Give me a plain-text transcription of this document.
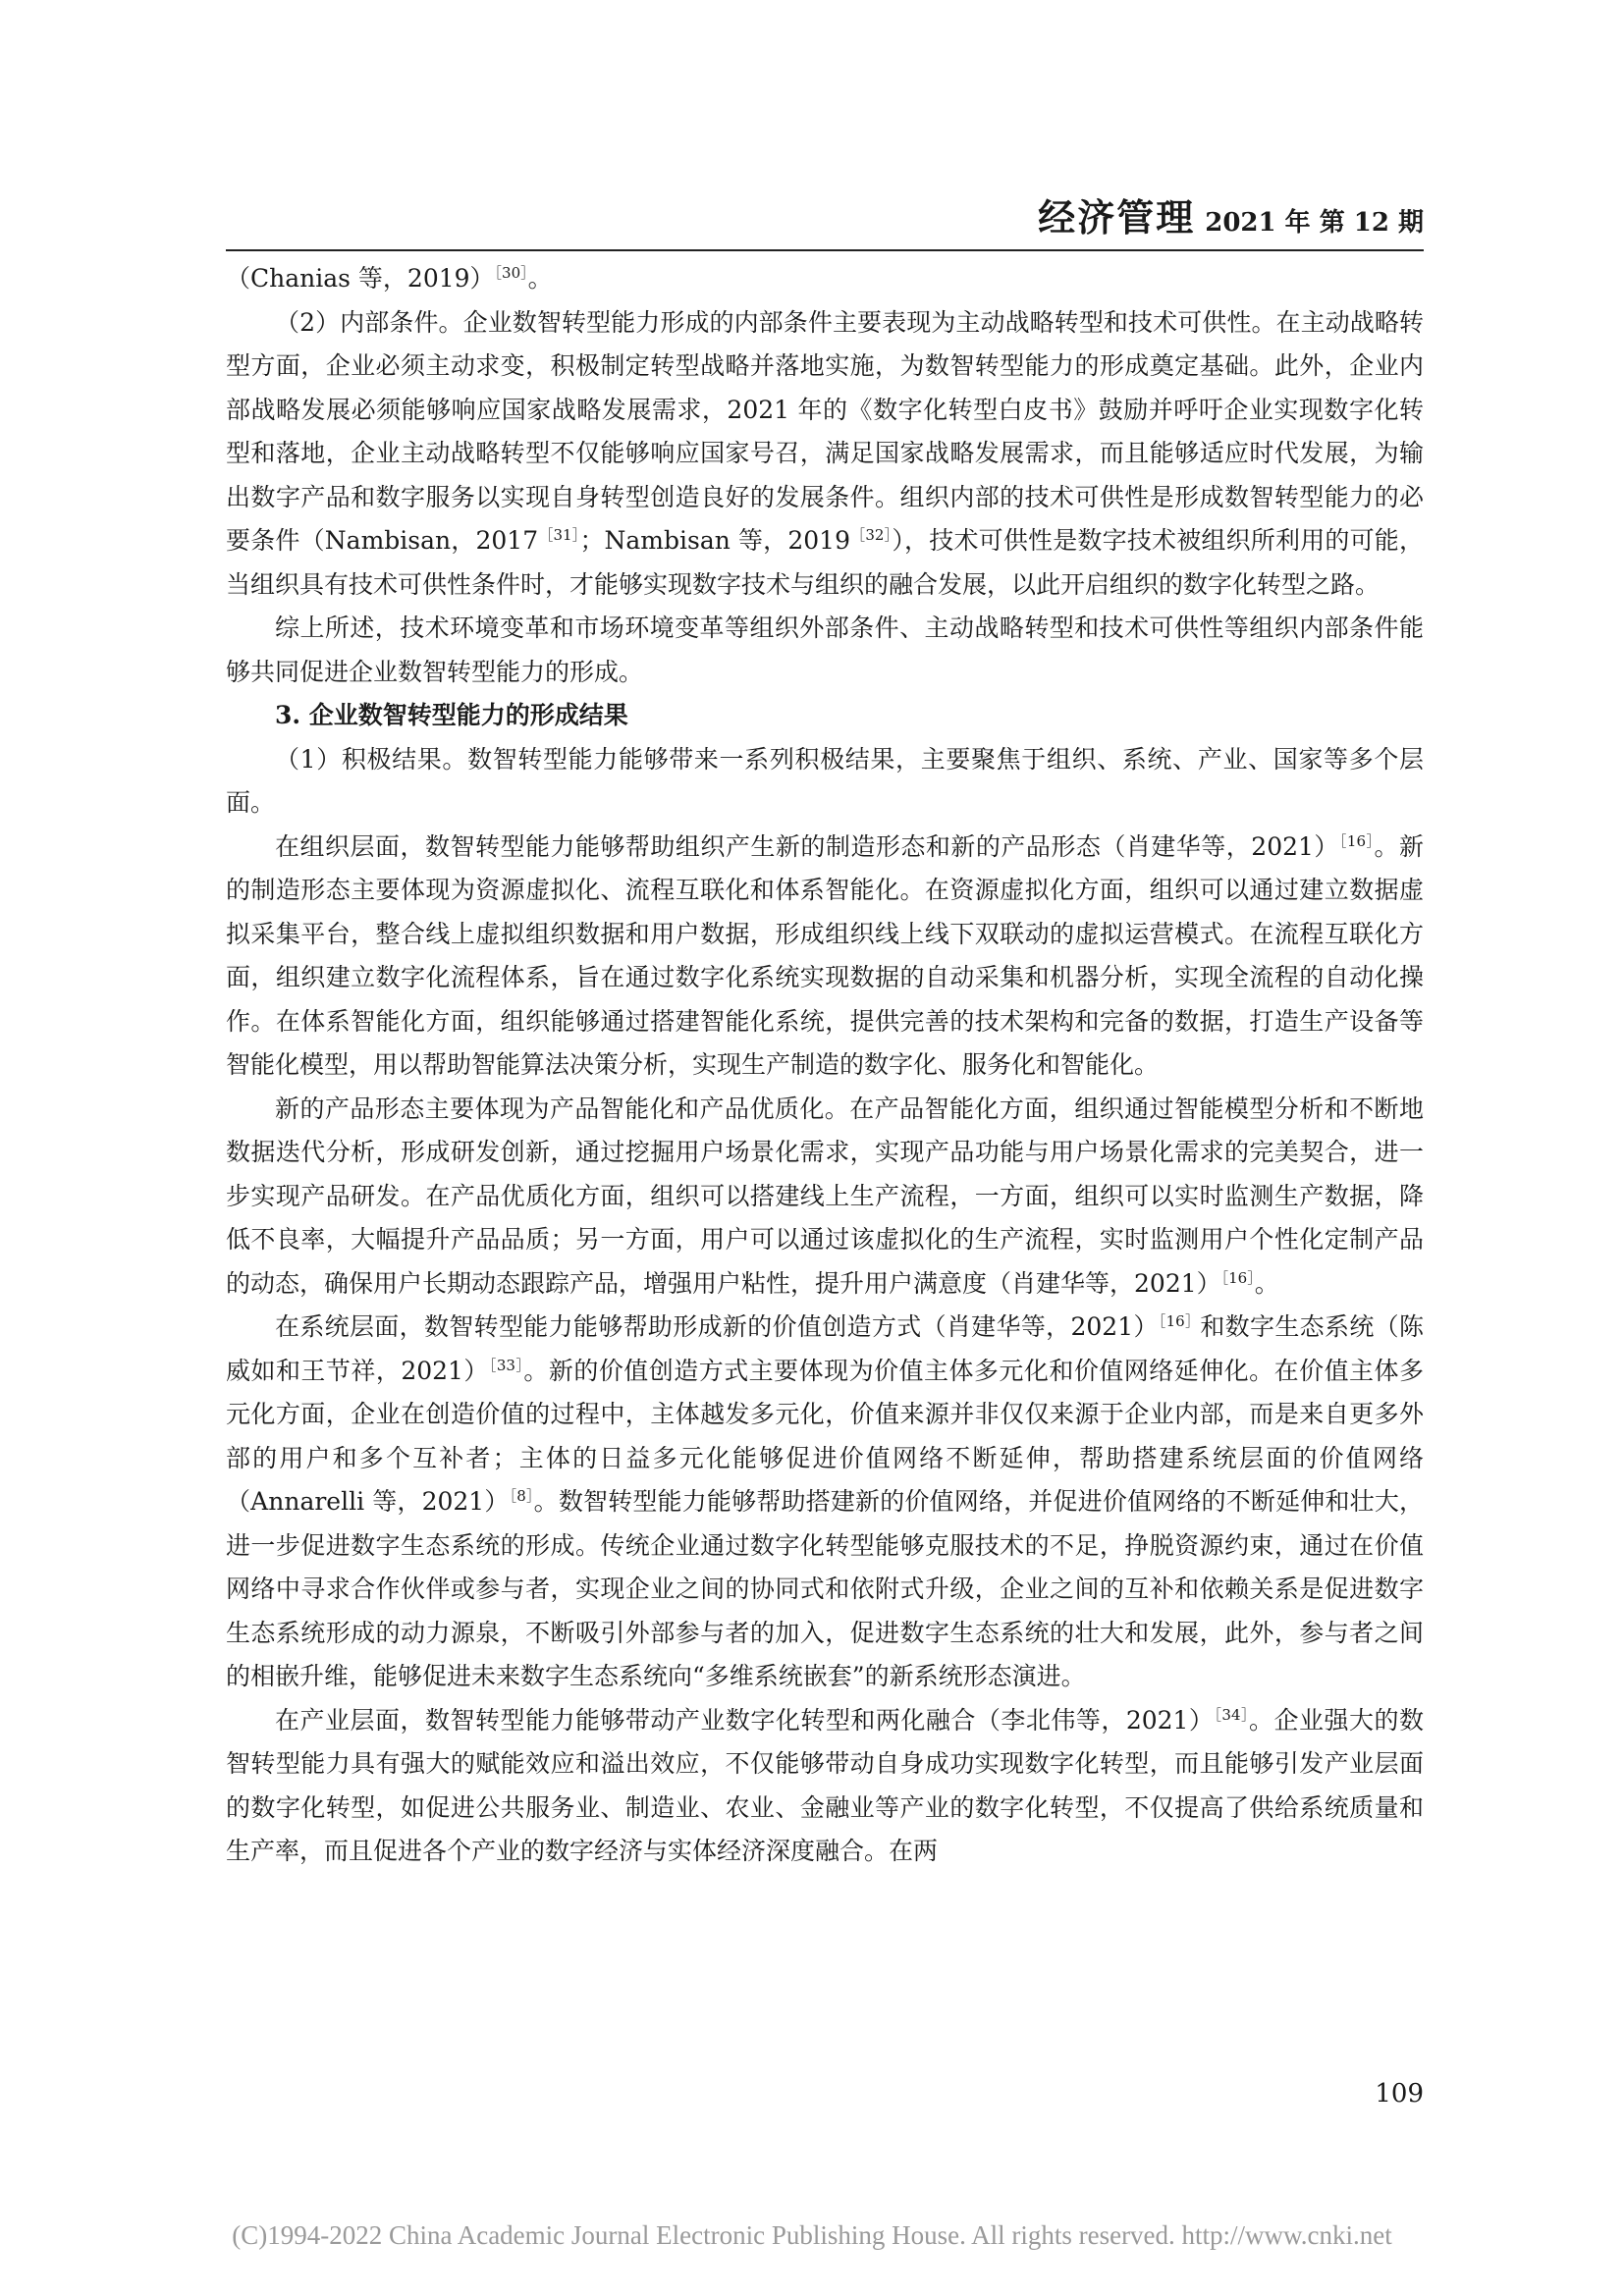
经济管理 2021 年 第 12 期

（Chanias 等，2019）$^{[30]}$。

（2）内部条件。企业数智转型能力形成的内部条件主要表现为主动战略转型和技术可供性。在主动战略转型方面，企业必须主动求变，积极制定转型战略并落地实施，为数智转型能力的形成奠定基础。此外，企业内部战略发展必须能够响应国家战略发展需求，2021 年的《数字化转型白皮书》鼓励并呼吁企业实现数字化转型和落地，企业主动战略转型不仅能够响应国家号召，满足国家战略发展需求，而且能够适应时代发展，为输出数字产品和数字服务以实现自身转型创造良好的发展条件。组织内部的技术可供性是形成数智转型能力的必要条件（Nambisan，$2017^{[31]}$；Nambisan 等，$2019^{[32]}$），技术可供性是数字技术被组织所利用的可能，当组织具有技术可供性条件时，才能够实现数字技术与组织的融合发展，以此开启组织的数字化转型之路。

综上所述，技术环境变革和市场环境变革等组织外部条件、主动战略转型和技术可供性等组织内部条件能够共同促进企业数智转型能力的形成。

3. 企业数智转型能力的形成结果

（1）积极结果。数智转型能力能够带来一系列积极结果，主要聚焦于组织、系统、产业、国家等多个层面。

在组织层面，数智转型能力能够帮助组织产生新的制造形态和新的产品形态（肖建华等，2021）$^{[16]}$。新的制造形态主要体现为资源虚拟化、流程互联化和体系智能化。在资源虚拟化方面，组织可以通过建立数据虚拟采集平台，整合线上虚拟组织数据和用户数据，形成组织线上线下双联动的虚拟运营模式。在流程互联化方面，组织建立数字化流程体系，旨在通过数字化系统实现数据的自动采集和机器分析，实现全流程的自动化操作。在体系智能化方面，组织能够通过搭建智能化系统，提供完善的技术架构和完备的数据，打造生产设备等智能化模型，用以帮助智能算法决策分析，实现生产制造的数字化、服务化和智能化。

新的产品形态主要体现为产品智能化和产品优质化。在产品智能化方面，组织通过智能模型分析和不断地数据迭代分析，形成研发创新，通过挖掘用户场景化需求，实现产品功能与用户场景化需求的完美契合，进一步实现产品研发。在产品优质化方面，组织可以搭建线上生产流程，一方面，组织可以实时监测生产数据，降低不良率，大幅提升产品品质；另一方面，用户可以通过该虚拟化的生产流程，实时监测用户个性化定制产品的动态，确保用户长期动态跟踪产品，增强用户粘性，提升用户满意度（肖建华等，2021）$^{[16]}$。

在系统层面，数智转型能力能够帮助形成新的价值创造方式（肖建华等，2021）$^{[16]}$和数字生态系统（陈威如和王节祥，2021）$^{[33]}$。新的价值创造方式主要体现为价值主体多元化和价值网络延伸化。在价值主体多元化方面，企业在创造价值的过程中，主体越发多元化，价值来源并非仅仅来源于企业内部，而是来自更多外部的用户和多个互补者；主体的日益多元化能够促进价值网络不断延伸，帮助搭建系统层面的价值网络（Annarelli 等，2021）$^{[8]}$。数智转型能力能够帮助搭建新的价值网络，并促进价值网络的不断延伸和壮大，进一步促进数字生态系统的形成。传统企业通过数字化转型能够克服技术的不足，挣脱资源约束，通过在价值网络中寻求合作伙伴或参与者，实现企业之间的协同式和依附式升级，企业之间的互补和依赖关系是促进数字生态系统形成的动力源泉，不断吸引外部参与者的加入，促进数字生态系统的壮大和发展，此外，参与者之间的相嵌升维，能够促进未来数字生态系统向“多维系统嵌套”的新系统形态演进。

在产业层面，数智转型能力能够带动产业数字化转型和两化融合（李北伟等，2021）$^{[34]}$。企业强大的数智转型能力具有强大的赋能效应和溢出效应，不仅能够带动自身成功实现数字化转型，而且能够引发产业层面的数字化转型，如促进公共服务业、制造业、农业、金融业等产业的数字化转型，不仅提高了供给系统质量和生产率，而且促进各个产业的数字经济与实体经济深度融合。在两

109
(C)1994-2022 China Academic Journal Electronic Publishing House. All rights reserved. http://www.cnki.net
